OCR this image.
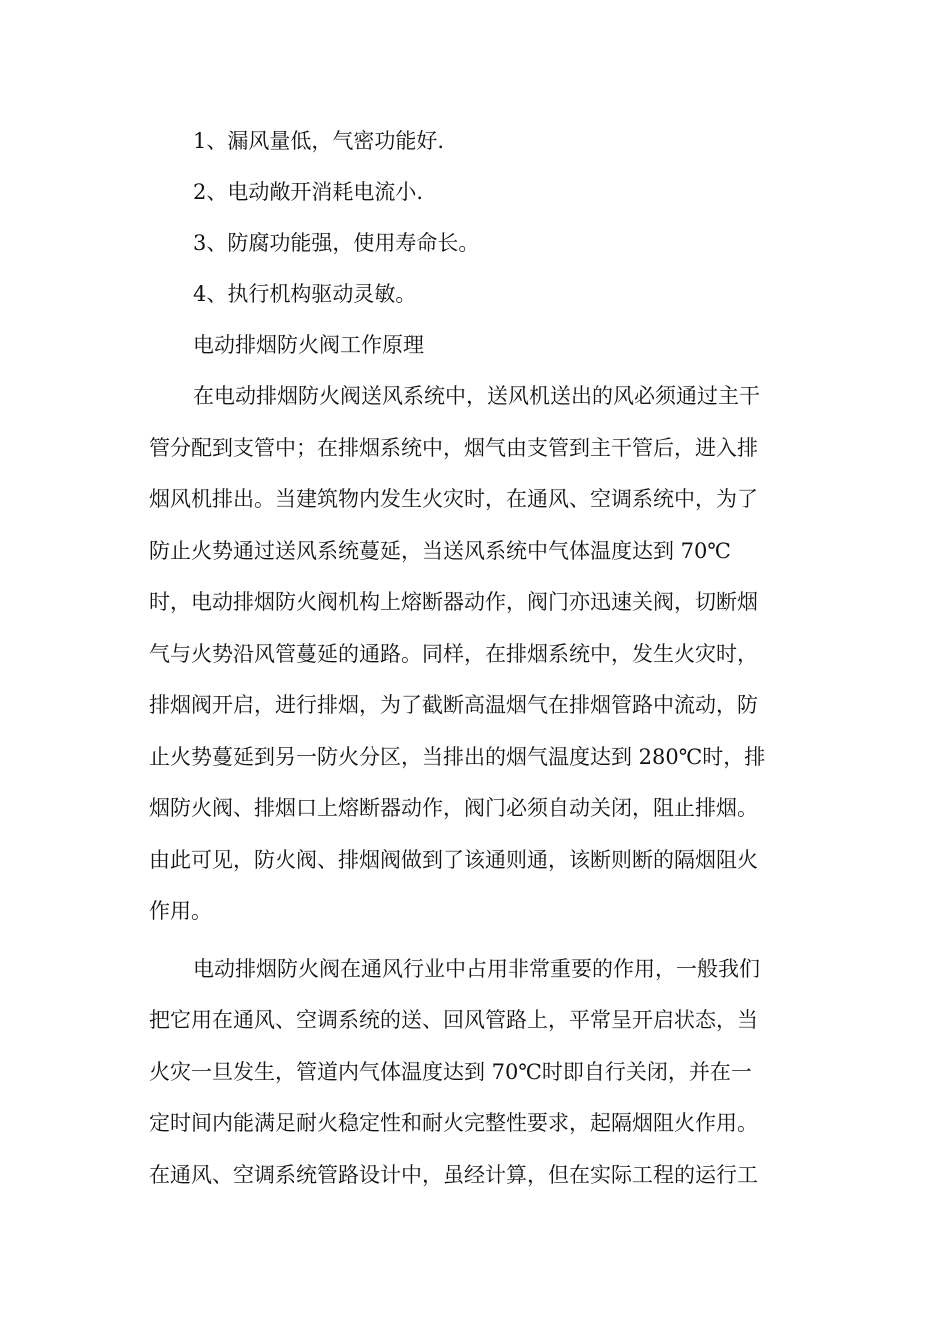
1、漏风量低，气密功能好.

2、电动敞开消耗电流小.

3、防腐功能强，使用寿命长。

4、执行机构驱动灵敏。

电动排烟防火阀工作原理

在电动排烟防火阀送风系统中，送风机送出的风必须通过主干

管分配到支管中；在排烟系统中，烟气由支管到主干管后，进入排

烟风机排出。当建筑物内发生火灾时，在通风、空调系统中，为了

防止火势通过送风系统蔓延，当送风系统中气体温度达到 70℃

时，电动排烟防火阀机构上熔断器动作，阀门亦迅速关阀，切断烟

气与火势沿风管蔓延的通路。同样，在排烟系统中，发生火灾时，

排烟阀开启，进行排烟，为了截断高温烟气在排烟管路中流动，防

止火势蔓延到另一防火分区，当排出的烟气温度达到 280℃时，排

烟防火阀、排烟口上熔断器动作，阀门必须自动关闭，阻止排烟。

由此可见，防火阀、排烟阀做到了该通则通，该断则断的隔烟阻火

作用。

电动排烟防火阀在通风行业中占用非常重要的作用，一般我们

把它用在通风、空调系统的送、回风管路上，平常呈开启状态，当

火灾一旦发生，管道内气体温度达到 70℃时即自行关闭，并在一

定时间内能满足耐火稳定性和耐火完整性要求，起隔烟阻火作用。

在通风、空调系统管路设计中，虽经计算，但在实际工程的运行工
